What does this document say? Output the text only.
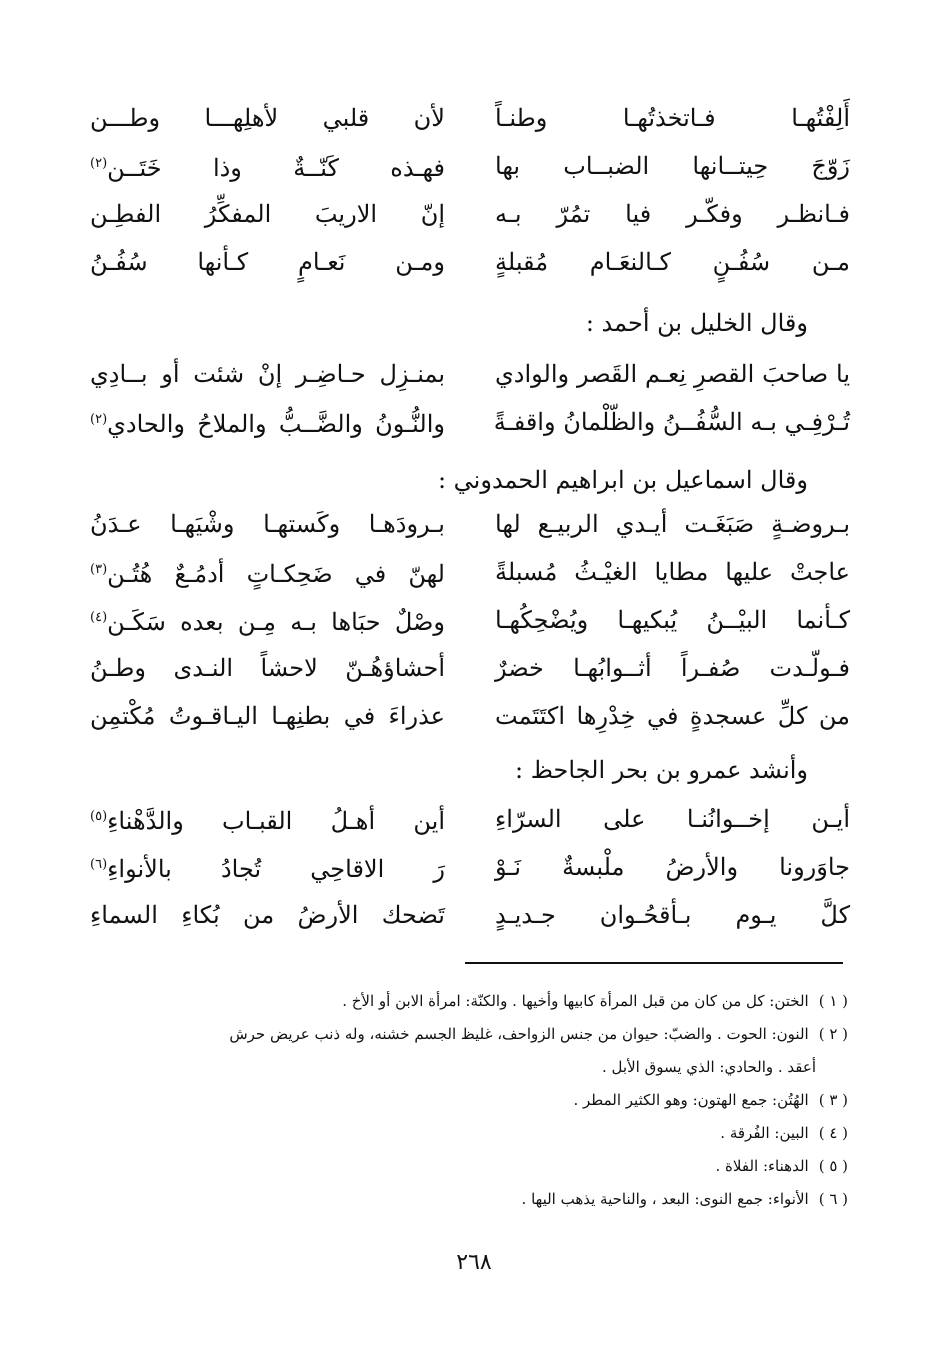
أَلِفْتُهـا فـاتخذتُهـا وطنـاً
لأن قلبي لأهلِهـــا وطـــن
زَوّجَ حِيتــانها الضبــاب بها
فهـذه كَنّــةٌ وذا خَتَــن$^{(٢)}$
فـانظـر وفكّـر فيا تمُرّ بـه
إنّ الاريبَ المفكِّرُ الفطِـن
مـن سُفُـنٍ كـالنعَـام مُقبلةٍ
ومـن نَعـامٍ كـأنها سُفُـنُ
وقال الخليل بن أحمد :
يا صاحبَ القصرِ نِعـم القَصر والوادي
بمنـزِل حـاضِـر إنْ شئت أو بــادِي
تُـرْفِـي بـه السُّفُــنُ والظّلْمانُ واقفـةً
والنُّـونُ والضَّــبُّ والملاحُ والحادي$^{(٢)}$
وقال اسماعيل بن ابراهيم الحمدوني :
بـروضـةٍ صَبَغَـت أيـدي الربيـع لها
بـرودَهـا وكَستهـا وشْيَهـا عـدَنُ
عاجتْ عليها مطايا الغيْـثُ مُسبلةً
لهنّ في ضَحِكـاتٍ أدمُـعٌ هُتُـن$^{(٣)}$
كـأنما البيْــنُ يُبكيهـا ويُضْحِكُهـا
وصْلٌ حبَاها بـه مِـن بعده سَكَـن$^{(٤)}$
فـولّـدت صُفـراً أثــوابُهـا خضرٌ
أحشاؤهُـنّ لاحشاً النـدى وطـنُ
من كلِّ عسجدةٍ في خِدْرِها اكتَتَمت
عذراءَ في بطنِهـا اليـاقـوتُ مُكْتمِن
وأنشد عمرو بن بحر الجاحظ :
أيـن إخــوانُنـا على السرّاءِ
أين أهـلُ القبـاب والدَّهْناءِ$^{(٥)}$
جاوَرونا والأرضُ ملْبسةٌ نَـوْ
رَ الاقاحِي تُجادُ بالأنواءِ$^{(٦)}$
كلَّ يـوم بـأقحُـوان جـديـدٍ
تَضحك الأرضُ من بُكاءِ السماءِ
( ١ )الختن: كل من كان من قبل المرأة كابيها وأخيها . والكنّة: امرأة الابن أو الأخ .
( ٢ )النون: الحوت . والضبّ: حيوان من جنس الزواحف، غليظ الجسم خشنه، وله ذنب عريض حرش
أعقد . والحادي: الذي يسوق الأبل .
( ٣ )الهُتُن: جمع الهتون: وهو الكثير المطر .
( ٤ )البين: الفُرقة .
( ٥ )الدهناء: الفلاة .
( ٦ )الأنواء: جمع النوى: البعد ، والناحية يذهب اليها .
٢٦٨
